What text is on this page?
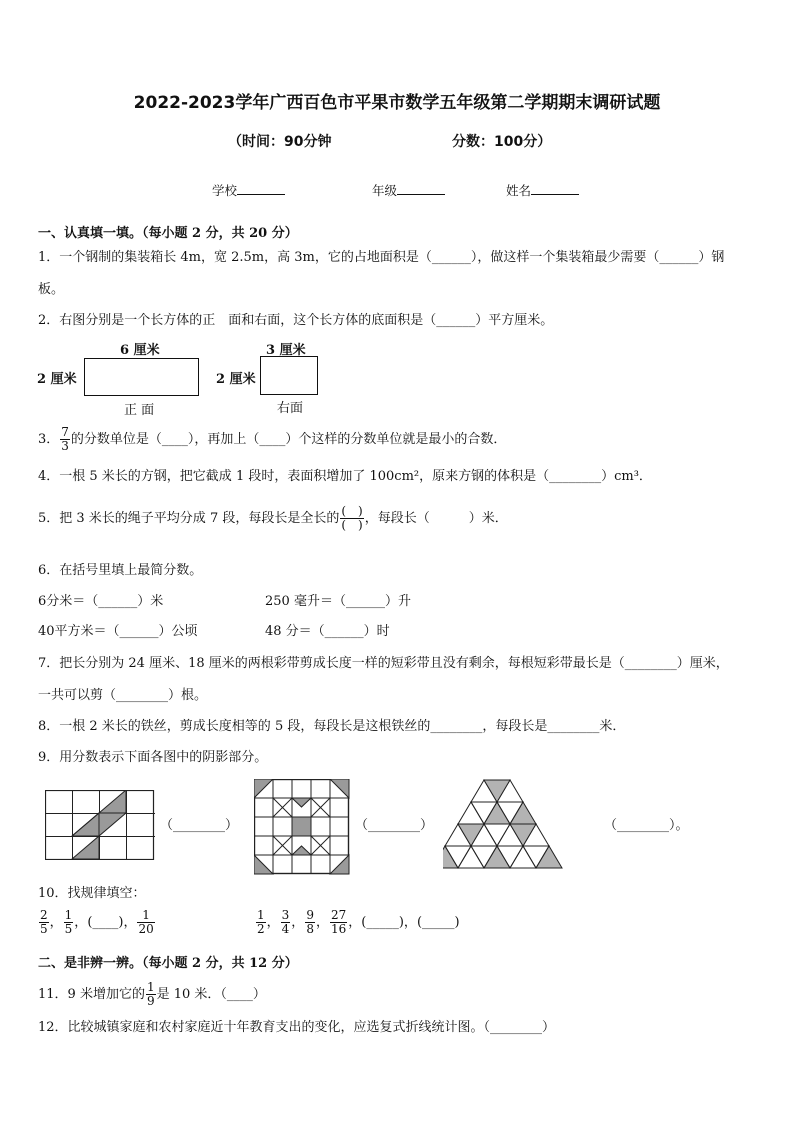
2022-2023学年广西百色市平果市数学五年级第二学期期末调研试题
（时间：90分钟	分数：100分）
学校	年级	姓名
一、认真填一填。（每小题 2 分，共 20 分）
1．一个钢制的集装箱长 4m，宽 2.5m，高 3m，它的占地面积是（______），做这样一个集装箱最少需要（______）钢
板。
2．右图分别是一个长方体的正　面和右面，这个长方体的底面积是（______）平方厘米。
6 厘米
2 厘米
正 面
3 厘米
2 厘米
右面
3． $\frac{7}{3}$ 的分数单位是（____），再加上（____）个这样的分数单位就是最小的合数．
4．一根 5 米长的方钢，把它截成 1 段时，表面积增加了 100cm²，原来方钢的体积是（________）cm³．
5．把 3 米长的绳子平均分成 7 段，每段长是全长的 $\frac{( )}{( )}$ ，每段长（　　　）米．
6．在括号里填上最简分数。
6分米＝（______）米	250 毫升＝（______）升
40平方米＝（______）公顷	48 分＝（______）时
7．把长分别为 24 厘米、18 厘米的两根彩带剪成长度一样的短彩带且没有剩余，每根短彩带最长是（________）厘米，
一共可以剪（________）根。
8．一根 2 米长的铁丝，剪成长度相等的 5 段，每段长是这根铁丝的________，每段长是________米．
9．用分数表示下面各图中的阴影部分。
（________）	（________）	（________）。
10．找规律填空：
$\frac{2}{5}$ ， $\frac{1}{5}$ ，(____)， $\frac{1}{20}$	$\frac{1}{2}$ ， $\frac{3}{4}$ ， $\frac{9}{8}$ ， $\frac{27}{16}$ ，(_____)，(_____)
二、是非辨一辨。（每小题 2 分，共 12 分）
11．9 米增加它的 $\frac{1}{9}$ 是 10 米．（____）
12．比较城镇家庭和农村家庭近十年教育支出的变化，应选复式折线统计图。（________）
